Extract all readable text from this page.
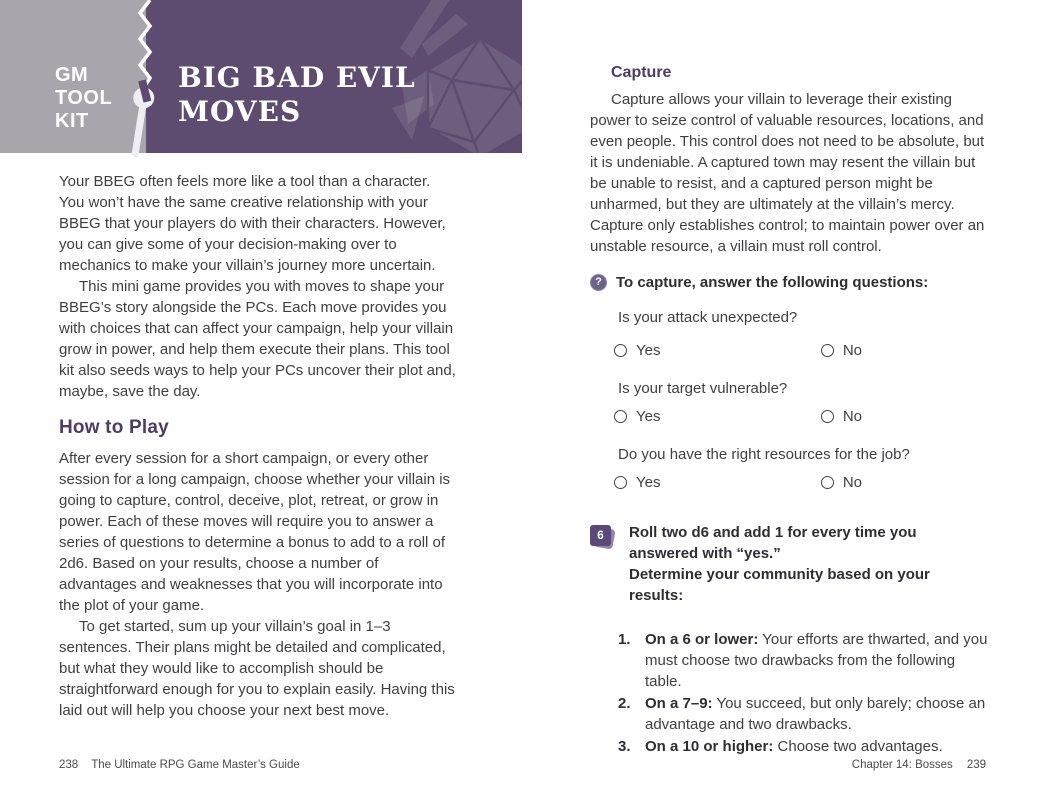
GM
TOOL
KIT
BIG BAD EVIL
MOVES

Your BBEG often feels more like a tool than a character. You won’t have the same creative relationship with your BBEG that your players do with their characters. However, you can give some of your decision-making over to mechanics to make your villain’s journey more uncertain.

This mini game provides you with moves to shape your BBEG’s story alongside the PCs. Each move provides you with choices that can affect your campaign, help your villain grow in power, and help them execute their plans. This tool kit also seeds ways to help your PCs uncover their plot and, maybe, save the day.

How to Play

After every session for a short campaign, or every other session for a long campaign, choose whether your villain is going to capture, control, deceive, plot, retreat, or grow in power. Each of these moves will require you to answer a series of questions to determine a bonus to add to a roll of 2d6. Based on your results, choose a number of advantages and weaknesses that you will incorporate into the plot of your game.

To get started, sum up your villain’s goal in 1–3 sentences. Their plans might be detailed and complicated, but what they would like to accomplish should be straightforward enough for you to explain easily. Having this laid out will help you choose your next best move.

Capture

Capture allows your villain to leverage their existing power to seize control of valuable resources, locations, and even people. This control does not need to be absolute, but it is undeniable. A captured town may resent the villain but be unable to resist, and a captured person might be unharmed, but they are ultimately at the villain’s mercy. Capture only establishes control; to maintain power over an unstable resource, a villain must roll control.

? To capture, answer the following questions:
Is your attack unexpected?
Yes	No
Is your target vulnerable?
Yes	No
Do you have the right resources for the job?
Yes	No
6	Roll two d6 and add 1 for every time you answered with “yes.”
Determine your community based on your results:
1. On a 6 or lower: Your efforts are thwarted, and you must choose two drawbacks from the following table.
2. On a 7–9: You succeed, but only barely; choose an advantage and two drawbacks.
3. On a 10 or higher: Choose two advantages.
238 The Ultimate RPG Game Master’s Guide	Chapter 14: Bosses 239
